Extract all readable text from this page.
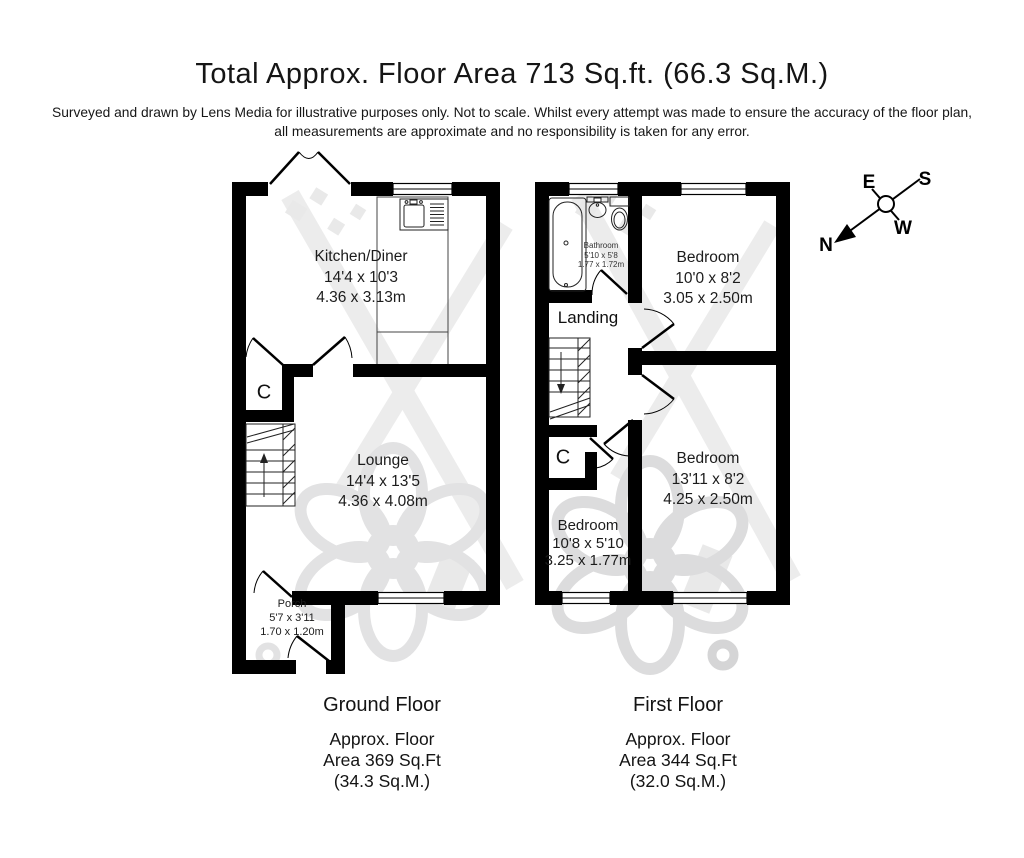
Total Approx. Floor Area 713 Sq.ft. (66.3 Sq.M.)
Surveyed and drawn by Lens Media for illustrative purposes only. Not to scale. Whilst every attempt was made to ensure the accuracy of the floor plan,
all measurements are approximate and no responsibility is taken for any error.
E S
W
N
Kitchen/Diner
14'4 x 10'3
4.36 x 3.13m
Lounge
14'4 x 13'5
4.36 x 4.08m
Porch
5'7 x 3'11
1.70 x 1.20m
C
Bathroom
5'10 x 5'8
1.77 x 1.72m
Landing
Bedroom
10'0 x 8'2
3.05 x 2.50m
Bedroom
13'11 x 8'2
4.25 x 2.50m
Bedroom
10'8 x 5'10
3.25 x 1.77m
C
Ground Floor
Approx. Floor
Area 369 Sq.Ft
(34.3 Sq.M.)
First Floor
Approx. Floor
Area 344 Sq.Ft
(32.0 Sq.M.)
